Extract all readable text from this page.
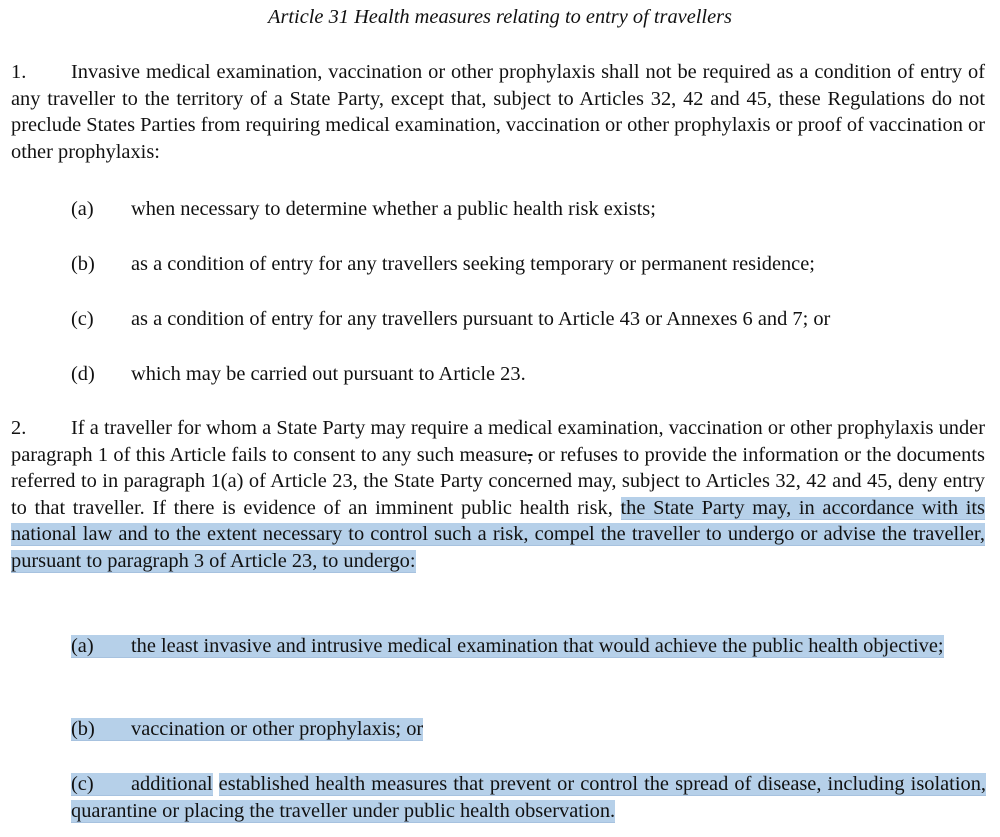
Article 31 Health measures relating to entry of travellers
1. Invasive medical examination, vaccination or other prophylaxis shall not be required as a condition of entry of any traveller to the territory of a State Party, except that, subject to Articles 32, 42 and 45, these Regulations do not preclude States Parties from requiring medical examination, vaccination or other prophylaxis or proof of vaccination or other prophylaxis:
(a) when necessary to determine whether a public health risk exists;
(b) as a condition of entry for any travellers seeking temporary or permanent residence;
(c) as a condition of entry for any travellers pursuant to Article 43 or Annexes 6 and 7; or
(d) which may be carried out pursuant to Article 23.
2. If a traveller for whom a State Party may require a medical examination, vaccination or other prophylaxis under paragraph 1 of this Article fails to consent to any such measure, or refuses to provide the information or the documents referred to in paragraph 1(a) of Article 23, the State Party concerned may, subject to Articles 32, 42 and 45, deny entry to that traveller. If there is evidence of an imminent public health risk, the State Party may, in accordance with its national law and to the extent necessary to control such a risk, compel the traveller to undergo or advise the traveller, pursuant to paragraph 3 of Article 23, to undergo:
(a) the least invasive and intrusive medical examination that would achieve the public health objective;
(b) vaccination or other prophylaxis; or
(c) additional established health measures that prevent or control the spread of disease, including isolation, quarantine or placing the traveller under public health observation.
